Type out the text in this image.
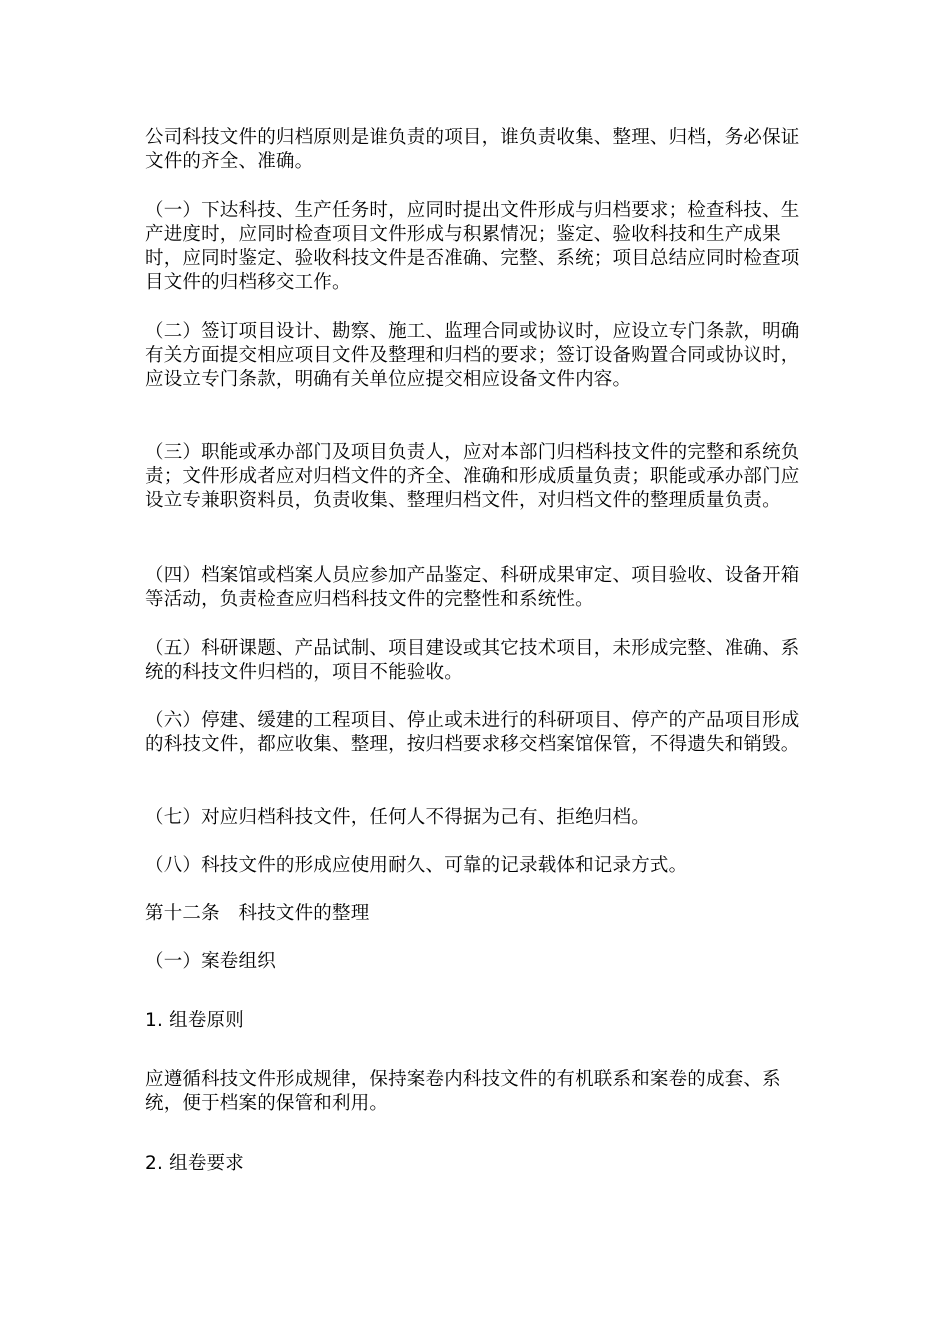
公司科技文件的归档原则是谁负责的项目，谁负责收集、整理、归档，务必保证文件的齐全、准确。

（一）下达科技、生产任务时，应同时提出文件形成与归档要求；检查科技、生产进度时，应同时检查项目文件形成与积累情况；鉴定、验收科技和生产成果时，应同时鉴定、验收科技文件是否准确、完整、系统；项目总结应同时检查项目文件的归档移交工作。

（二）签订项目设计、勘察、施工、监理合同或协议时，应设立专门条款，明确有关方面提交相应项目文件及整理和归档的要求；签订设备购置合同或协议时，应设立专门条款，明确有关单位应提交相应设备文件内容。

（三）职能或承办部门及项目负责人，应对本部门归档科技文件的完整和系统负责；文件形成者应对归档文件的齐全、准确和形成质量负责；职能或承办部门应设立专兼职资料员，负责收集、整理归档文件，对归档文件的整理质量负责。

（四）档案馆或档案人员应参加产品鉴定、科研成果审定、项目验收、设备开箱等活动，负责检查应归档科技文件的完整性和系统性。

（五）科研课题、产品试制、项目建设或其它技术项目，未形成完整、准确、系统的科技文件归档的，项目不能验收。

（六）停建、缓建的工程项目、停止或未进行的科研项目、停产的产品项目形成的科技文件，都应收集、整理，按归档要求移交档案馆保管，不得遗失和销毁。

（七）对应归档科技文件，任何人不得据为己有、拒绝归档。

（八）科技文件的形成应使用耐久、可靠的记录载体和记录方式。

第十二条　科技文件的整理

（一）案卷组织

1. 组卷原则

应遵循科技文件形成规律，保持案卷内科技文件的有机联系和案卷的成套、系统，便于档案的保管和利用。

2. 组卷要求
